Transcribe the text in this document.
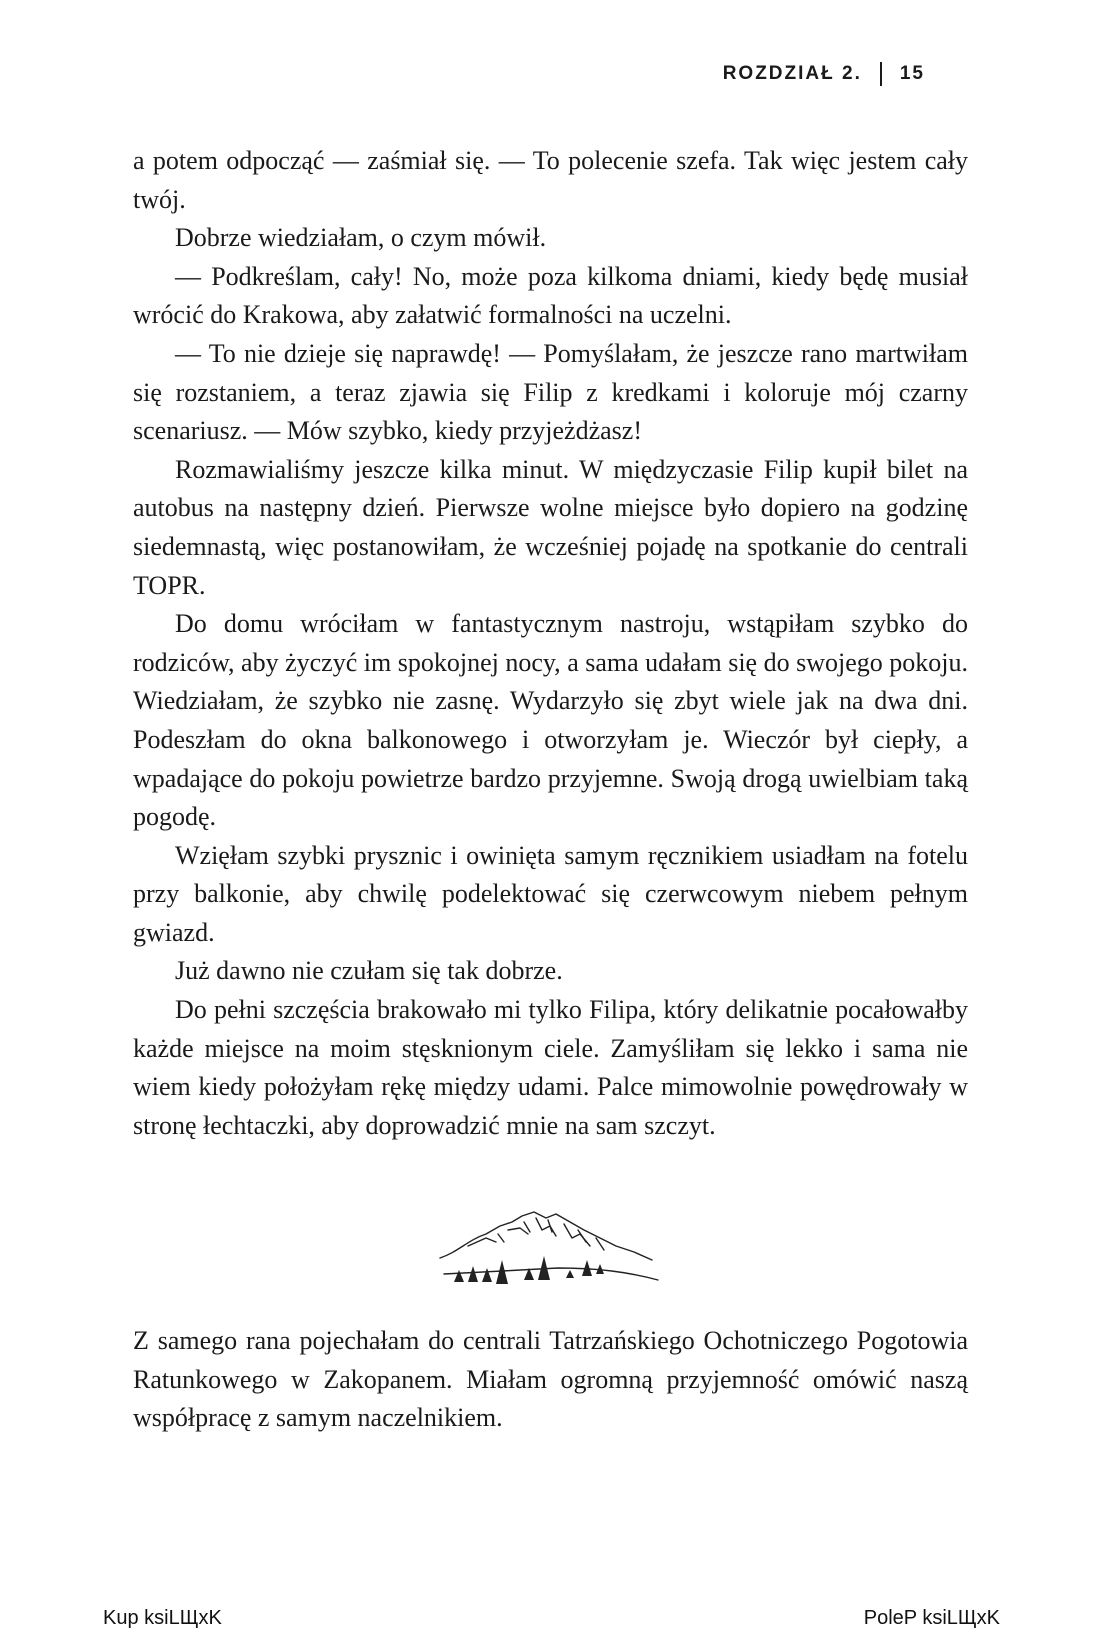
ROZDZIAŁ 2. 15

a potem odpocząć — zaśmiał się. — To polecenie szefa. Tak więc jestem cały twój.

Dobrze wiedziałam, o czym mówił.

— Podkreślam, cały! No, może poza kilkoma dniami, kiedy będę musiał wrócić do Krakowa, aby załatwić formalności na uczelni.

— To nie dzieje się naprawdę! — Pomyślałam, że jeszcze rano martwiłam się rozstaniem, a teraz zjawia się Filip z kredkami i koloruje mój czarny scenariusz. — Mów szybko, kiedy przyjeżdżasz!

Rozmawialiśmy jeszcze kilka minut. W międzyczasie Filip kupił bilet na autobus na następny dzień. Pierwsze wolne miejsce było dopiero na godzinę siedemnastą, więc postanowiłam, że wcześniej pojadę na spotkanie do centrali TOPR.

Do domu wróciłam w fantastycznym nastroju, wstąpiłam szybko do rodziców, aby życzyć im spokojnej nocy, a sama udałam się do swojego pokoju. Wiedziałam, że szybko nie zasnę. Wydarzyło się zbyt wiele jak na dwa dni. Podeszłam do okna balkonowego i otworzyłam je. Wieczór był ciepły, a wpadające do pokoju powietrze bardzo przyjemne. Swoją drogą uwielbiam taką pogodę.

Wzięłam szybki prysznic i owinięta samym ręcznikiem usiadłam na fotelu przy balkonie, aby chwilę podelektować się czerwcowym niebem pełnym gwiazd.

Już dawno nie czułam się tak dobrze.

Do pełni szczęścia brakowało mi tylko Filipa, który delikatnie pocałowałby każde miejsce na moim stęsknionym ciele. Zamyśliłam się lekko i sama nie wiem kiedy położyłam rękę między udami. Palce mimowolnie powędrowały w stronę łechtaczki, aby doprowadzić mnie na sam szczyt.

Z samego rana pojechałam do centrali Tatrzańskiego Ochotniczego Pogotowia Ratunkowego w Zakopanem. Miałam ogromną przyjemność omówić naszą współpracę z samym naczelnikiem.

Kup ksiLЩxK	PoleP ksiLЩxK
